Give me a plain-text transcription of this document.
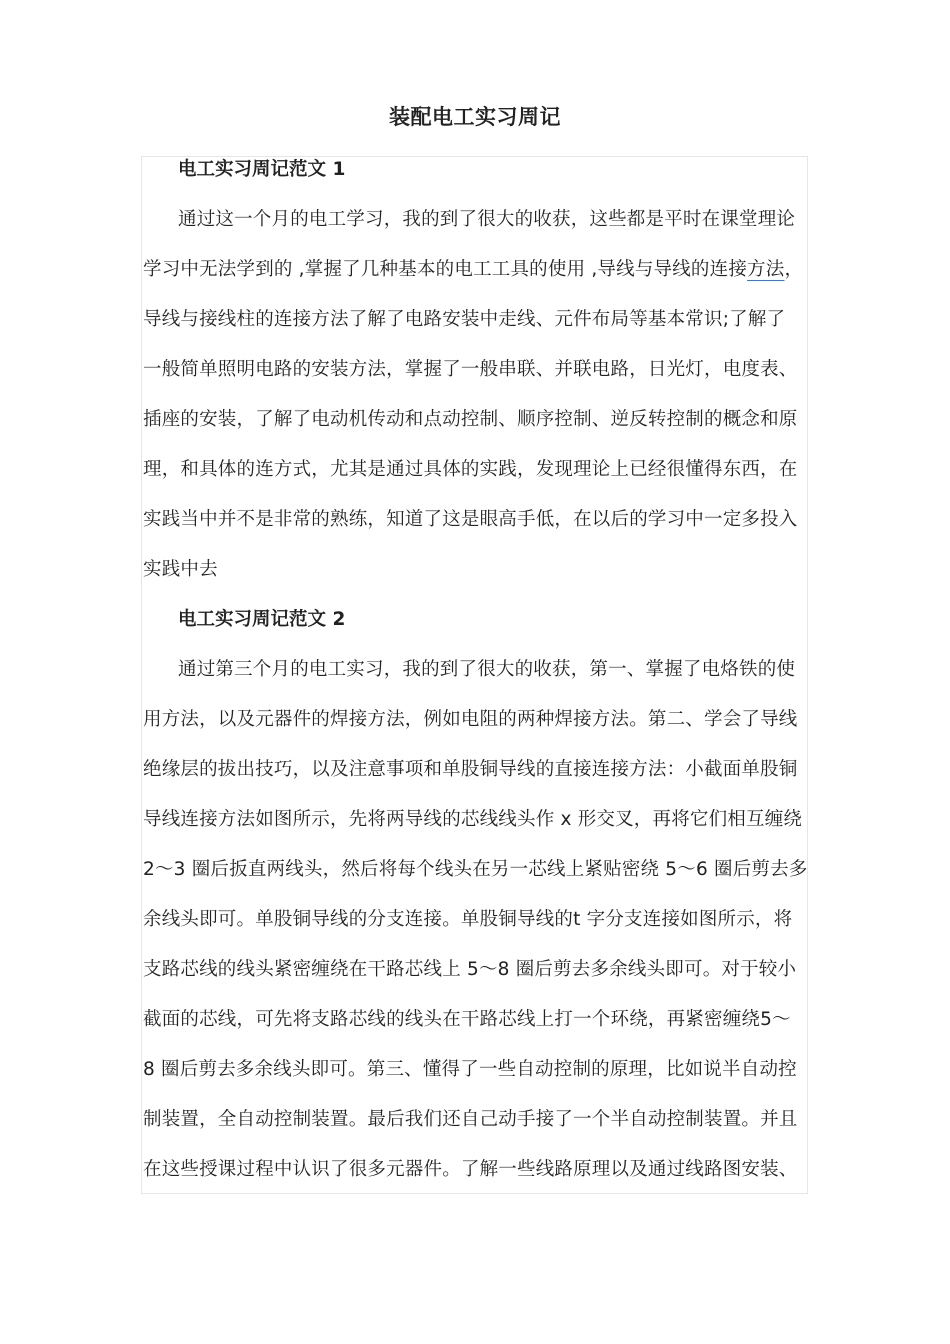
装配电工实习周记
电工实习周记范文 1
通过这一个月的电工学习，我的到了很大的收获，这些都是平时在课堂理论
学习中无法学到的 ,掌握了几种基本的电工工具的使用 ,导线与导线的连接方法，
导线与接线柱的连接方法了解了电路安装中走线、元件布局等基本常识;了解了
一般简单照明电路的安装方法，掌握了一般串联、并联电路，日光灯，电度表、
插座的安装，了解了电动机传动和点动控制、顺序控制、逆反转控制的概念和原
理，和具体的连方式，尤其是通过具体的实践，发现理论上已经很懂得东西，在
实践当中并不是非常的熟练，知道了这是眼高手低，在以后的学习中一定多投入
实践中去
电工实习周记范文 2
通过第三个月的电工实习，我的到了很大的收获，第一、掌握了电烙铁的使
用方法，以及元器件的焊接方法，例如电阻的两种焊接方法。第二、学会了导线
绝缘层的拔出技巧，以及注意事项和单股铜导线的直接连接方法：小截面单股铜
导线连接方法如图所示，先将两导线的芯线线头作 x 形交叉，再将它们相互缠绕
2～3 圈后扳直两线头，然后将每个线头在另一芯线上紧贴密绕 5～6 圈后剪去多
余线头即可。单股铜导线的分支连接。单股铜导线的t 字分支连接如图所示，将
支路芯线的线头紧密缠绕在干路芯线上 5～8 圈后剪去多余线头即可。对于较小
截面的芯线，可先将支路芯线的线头在干路芯线上打一个环绕，再紧密缠绕5～
8 圈后剪去多余线头即可。第三、懂得了一些自动控制的原理，比如说半自动控
制装置，全自动控制装置。最后我们还自己动手接了一个半自动控制装置。并且
在这些授课过程中认识了很多元器件。了解一些线路原理以及通过线路图安装、
